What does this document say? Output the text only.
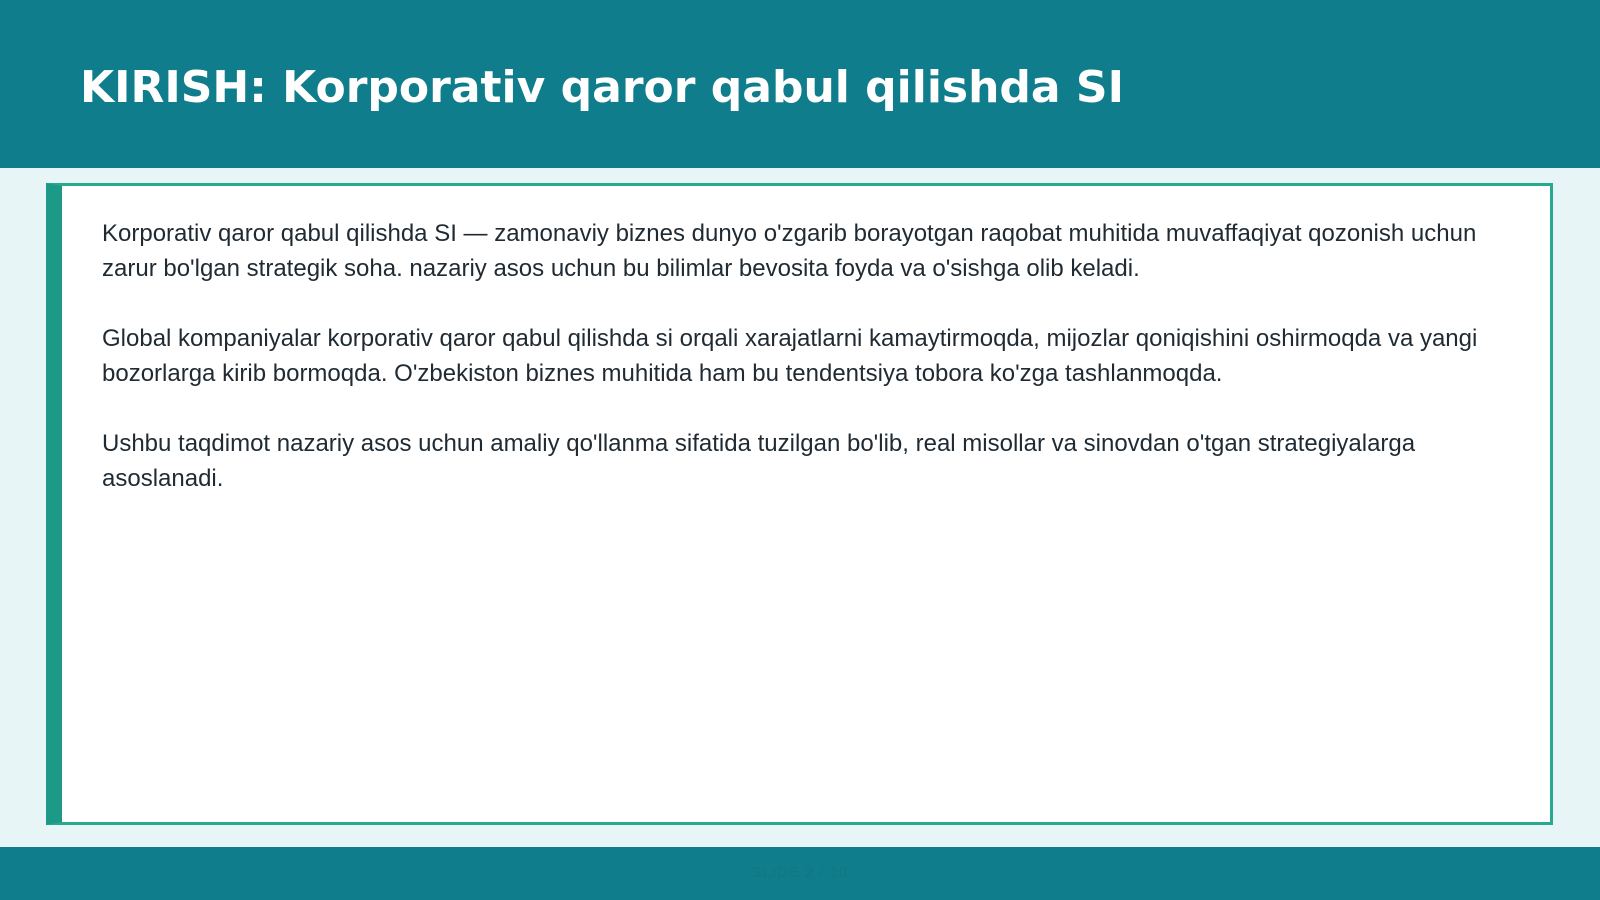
KIRISH: Korporativ qaror qabul qilishda SI

Korporativ qaror qabul qilishda SI — zamonaviy biznes dunyo o'zgarib borayotgan raqobat muhitida muvaffaqiyat qozonish uchun zarur bo'lgan strategik soha. nazariy asos uchun bu bilimlar bevosita foyda va o'sishga olib keladi.

Global kompaniyalar korporativ qaror qabul qilishda si orqali xarajatlarni kamaytirmoqda, mijozlar qoniqishini oshirmoqda va yangi bozorlarga kirib bormoqda. O'zbekiston biznes muhitida ham bu tendentsiya tobora ko'zga tashlanmoqda.

Ushbu taqdimot nazariy asos uchun amaliy qo'llanma sifatida tuzilgan bo'lib, real misollar va sinovdan o'tgan strategiyalarga asoslanadi.

SLIDE 2 / 10
